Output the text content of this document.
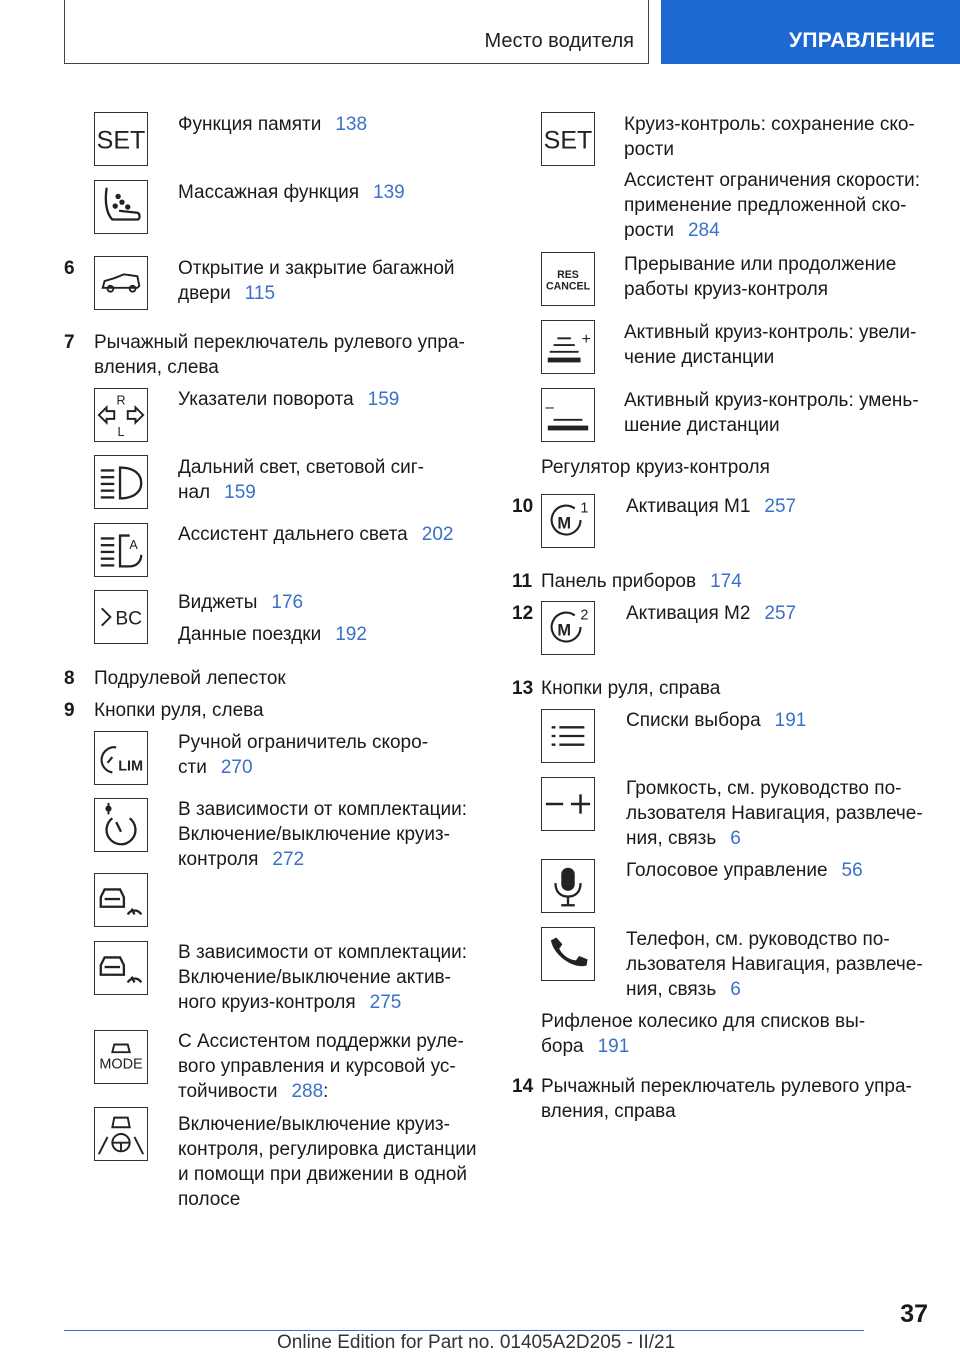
Место водителя	УПРАВЛЕНИЕ
SET
Функция памяти 138
Массажная функция 139
6	Открытие и закрытие багажной
двери 115
7 Рычажный переключатель рулевого упра-
вления, слева
R
L
Указатели поворота 159
Дальний свет, световой сиг-
нал 159
A
Ассистент дальнего света 202
BC
Виджеты 176
Данные поездки 192
8 Подрулевой лепесток
9 Кнопки руля, слева
LIM
Ручной ограничитель скоро-
сти 270
В зависимости от комплектации:
Включение/выключение круиз-
контроля 272
В зависимости от комплектации:
Включение/выключение актив-
ного круиз-контроля 275
MODE
С Ассистентом поддержки руле-
вого управления и курсовой ус-
тойчивости 288:
Включение/выключение круиз-
контроля, регулировка дистанции
и помощи при движении в одной
полосе
SET
Круиз-контроль: сохранение ско-
рости
Ассистент ограничения скорости:
применение предложенной ско-
рости 284
RES
CANCEL
Прерывание или продолжение
работы круиз-контроля
+ Активный круиз-контроль: увели-
чение дистанции
–	Активный круиз-контроль: умень-
шение дистанции
Регулятор круиз-контроля
10
M
1 Активация M1 257
11 Панель приборов 174
12
M
2 Активация M2 257
13 Кнопки руля, справа
Списки выбора 191
Громкость, см. руководство по-
льзователя Навигация, развлече-
ния, связь 6
Голосовое управление 56
Телефон, см. руководство по-
льзователя Навигация, развлече-
ния, связь 6
Рифленое колесико для списков вы-
бора 191
14 Рычажный переключатель рулевого упра-
вления, справа
37
Online Edition for Part no. 01405A2D205 - II/21
